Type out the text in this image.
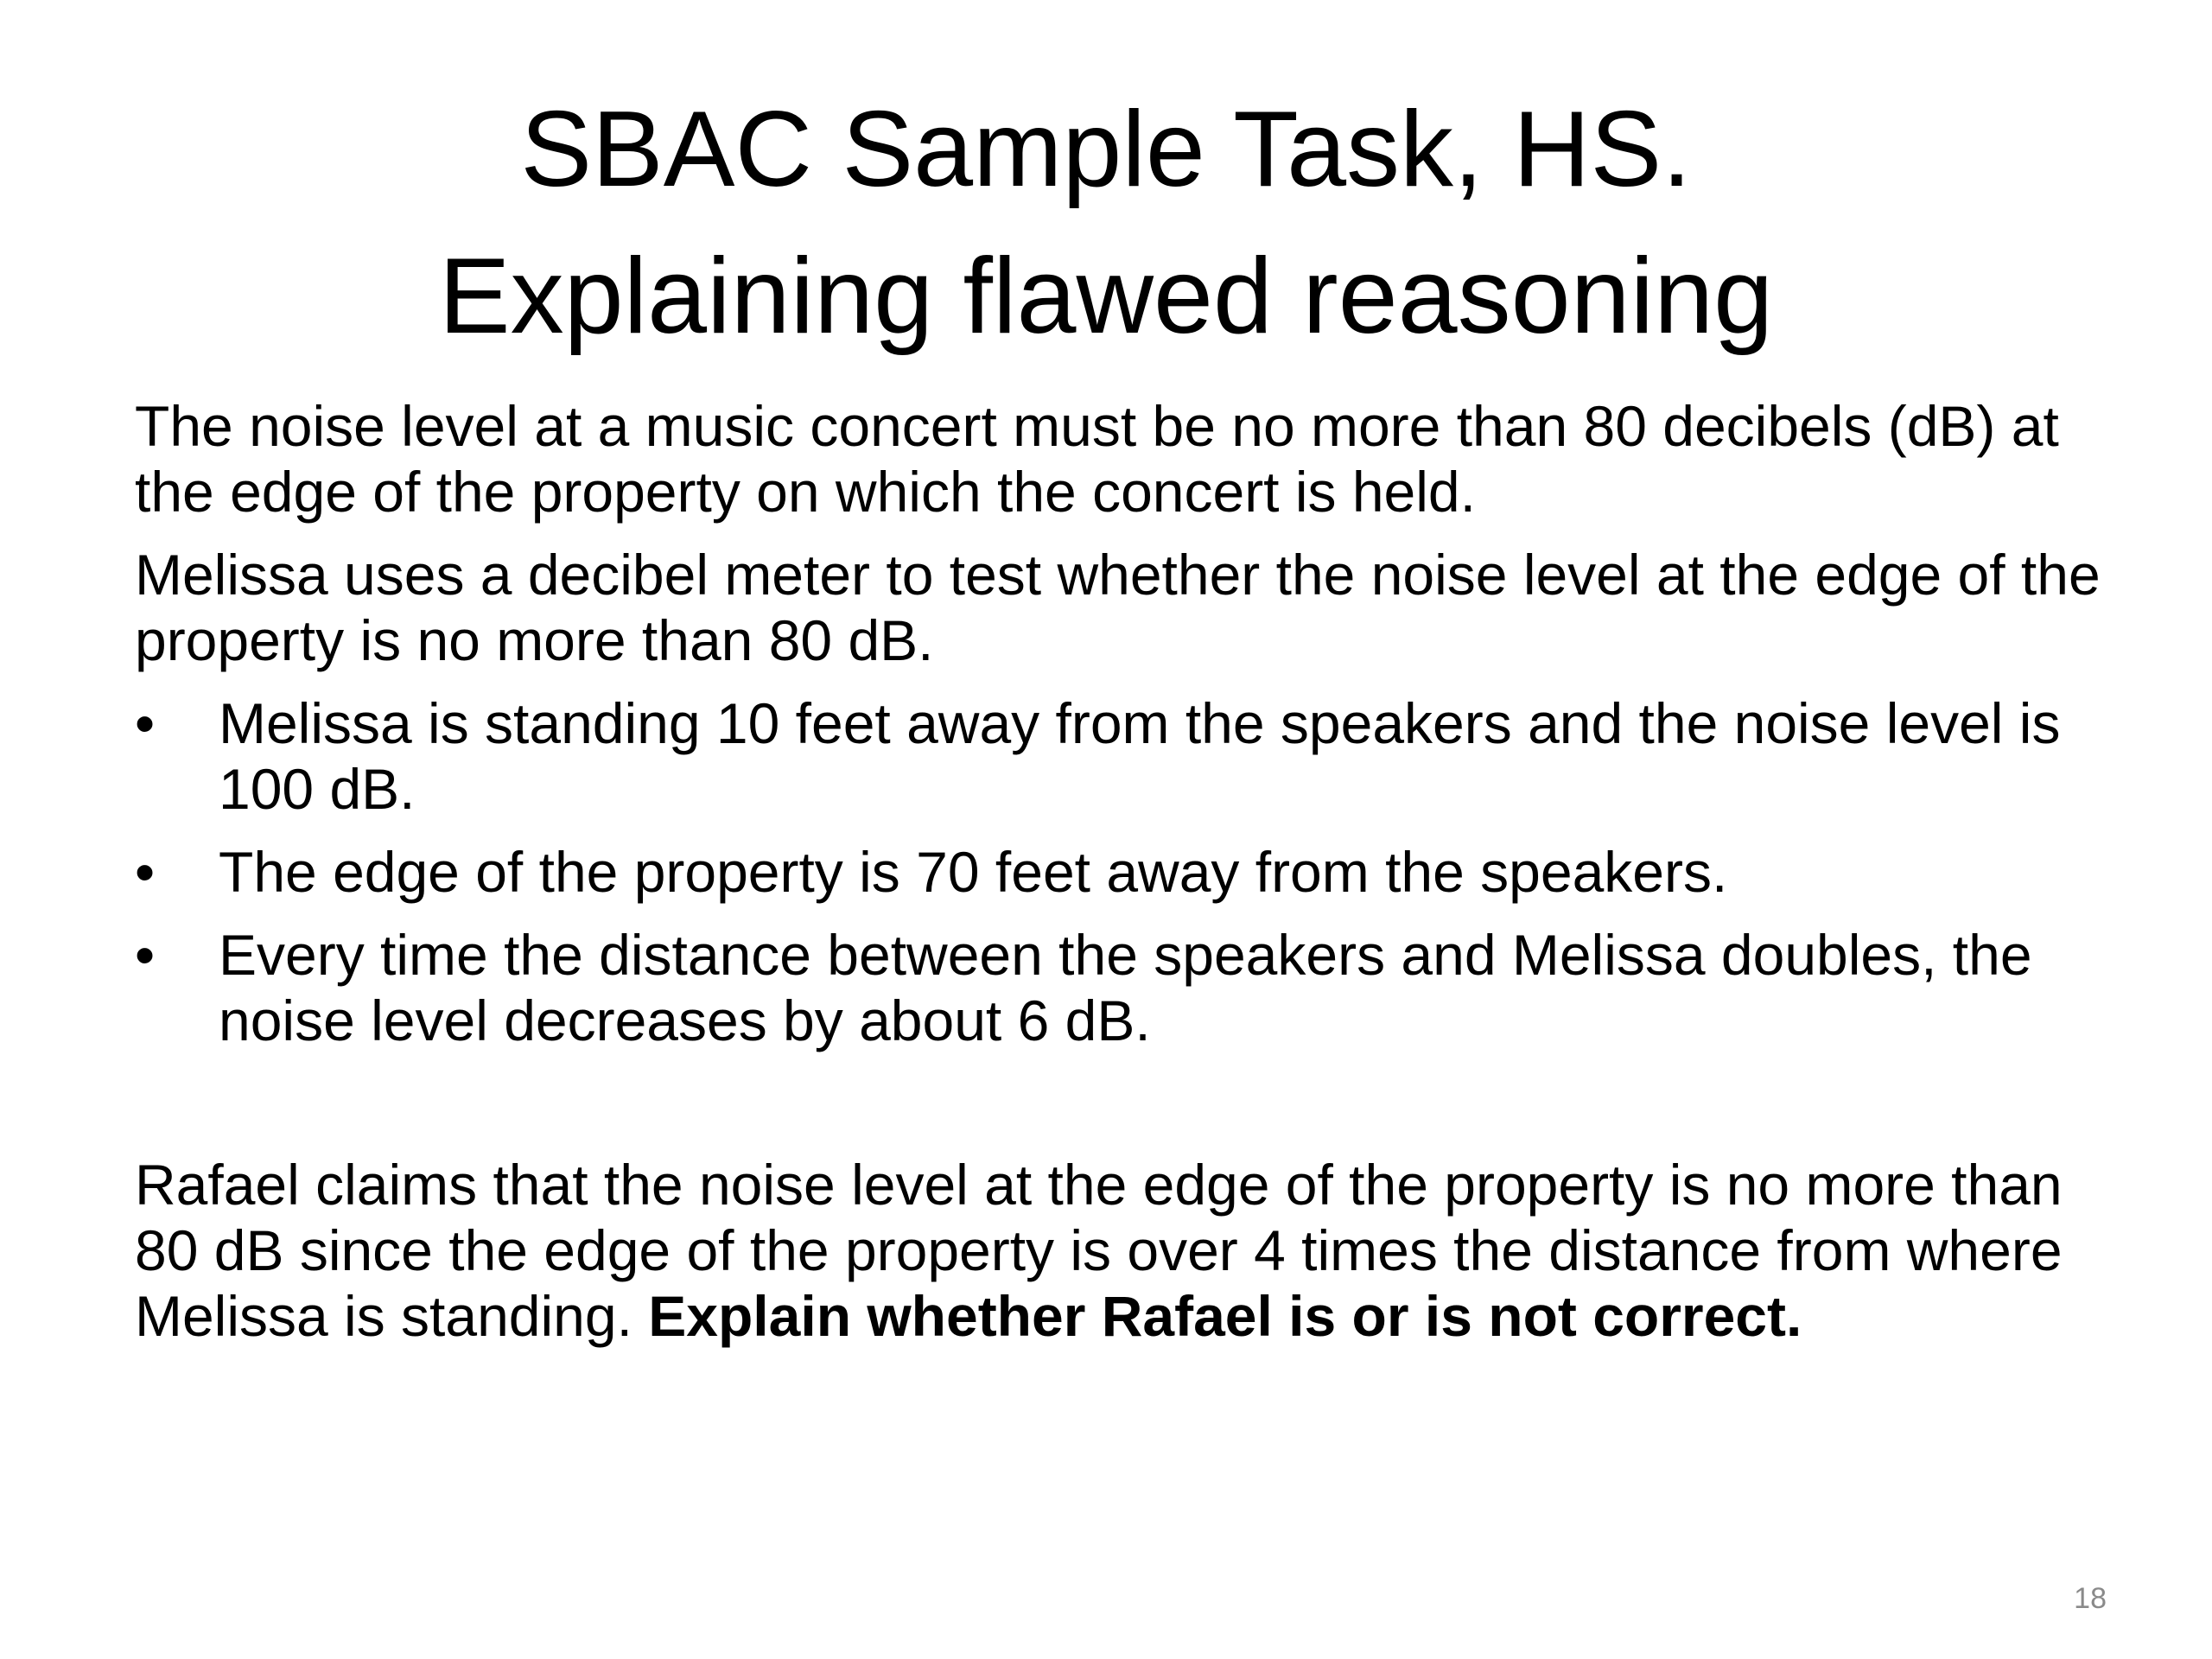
SBAC Sample Task, HS.
Explaining flawed reasoning

The noise level at a music concert must be no more than 80 decibels (dB) at the edge of the property on which the concert is held.

Melissa uses a decibel meter to test whether the noise level at the edge of the property is no more than 80 dB.

•	Melissa is standing 10 feet away from the speakers and the noise level is 100 dB.
•	The edge of the property is 70 feet away from the speakers.
•	Every time the distance between the speakers and Melissa doubles, the noise level decreases by about 6 dB.

Rafael claims that the noise level at the edge of the property is no more than 80 dB since the edge of the property is over 4 times the distance from where Melissa is standing. Explain whether Rafael is or is not correct.

18
